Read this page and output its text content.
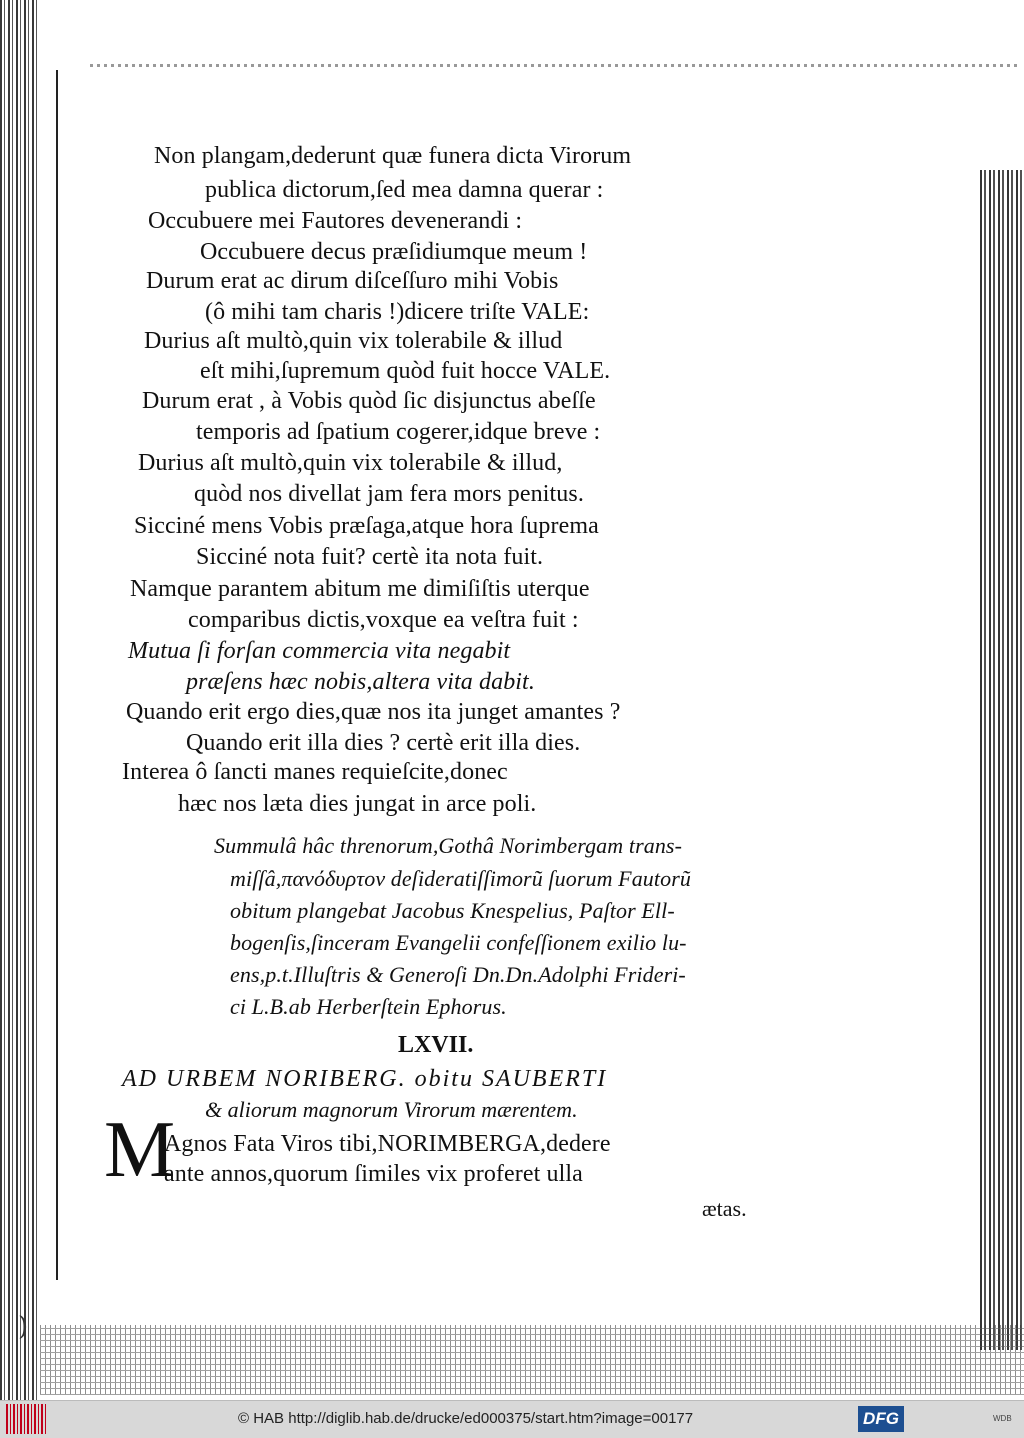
)
Non plangam,dederunt quæ funera dicta Virorum
publica dictorum,ſed mea damna querar :
Occubuere mei Fautores devenerandi :
Occubuere decus præſidiumque meum !
Durum erat ac dirum diſceſſuro mihi Vobis
(ô mihi tam charis !)dicere triſte VALE:
Durius aſt multò,quin vix tolerabile & illud
eſt mihi,ſupremum quòd fuit hocce VALE.
Durum erat , à Vobis quòd ſic disjunctus abeſſe
temporis ad ſpatium cogerer,idque breve :
Durius aſt multò,quin vix tolerabile & illud,
quòd nos divellat jam fera mors penitus.
Sicciné mens Vobis præſaga,atque hora ſuprema
Sicciné nota fuit? certè ita nota fuit.
Namque parantem abitum me dimiſiſtis uterque
comparibus dictis,voxque ea veſtra fuit :
Mutua ſi forſan commercia vita negabit
præſens hæc nobis,altera vita dabit.
Quando erit ergo dies,quæ nos ita junget amantes ?
Quando erit illa dies ? certè erit illa dies.
Interea ô ſancti manes requieſcite,donec
hæc nos læta dies jungat in arce poli.
Summulâ hâc threnorum,Gothâ Norimbergam trans-
miſſâ,πανόδυρτον deſideratiſſimorũ ſuorum Fautorũ
obitum plangebat Jacobus Knespelius, Paſtor Ell-
bogenſis,ſinceram Evangelii confeſſionem exilio lu-
ens,p.t.Illuſtris & Generoſi Dn.Dn.Adolphi Frideri-
ci L.B.ab Herberſtein Ephorus.
LXVII.
AD URBEM NORIBERG. obitu SAUBERTI
& aliorum magnorum Virorum mærentem.
M
Agnos Fata Viros tibi,NORIMBERGA,dedere
ante annos,quorum ſimiles vix proferet ulla
ætas.
© HAB http://diglib.hab.de/drucke/ed000375/start.htm?image=00177	DFG	WDB
